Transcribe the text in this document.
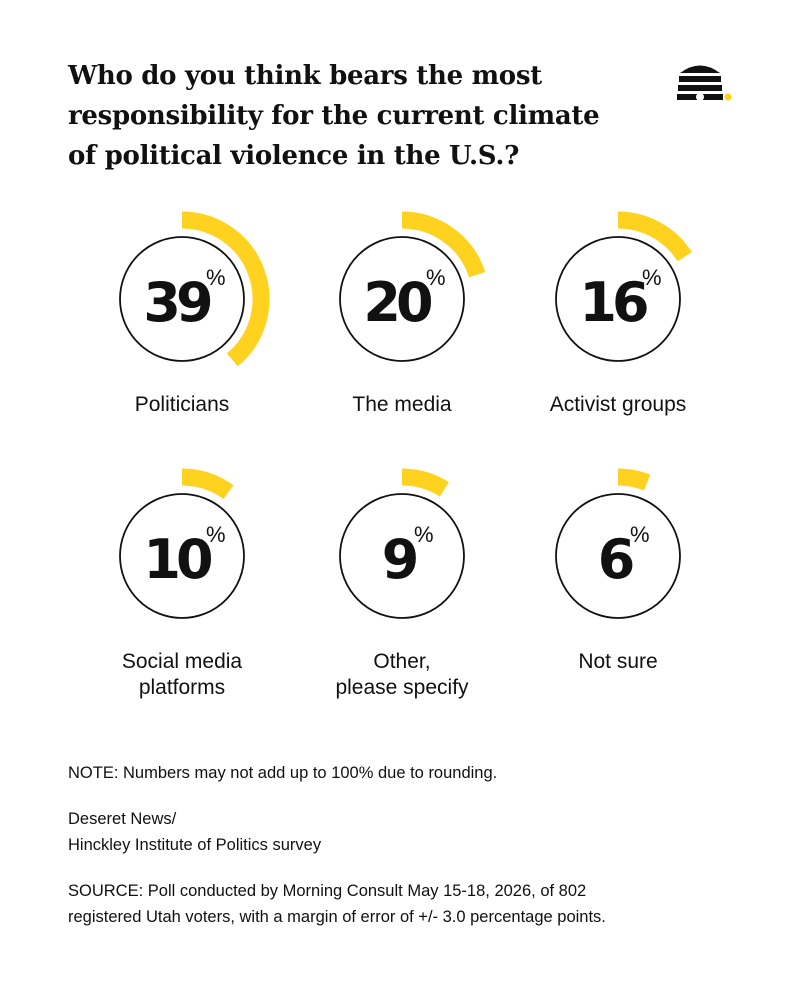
Who do you think bears the most responsibility for the current climate of political violence in the U.S.?
39
%
Politicians
20
%
The media
16
%
Activist groups
10
%
Social media
platforms
9 %
Other,
please specify
6 %
Not sure

NOTE: Numbers may not add up to 100% due to rounding.

Deseret News/

Hinckley Institute of Politics survey

SOURCE: Poll conducted by Morning Consult May 15-18, 2026, of 802
registered Utah voters, with a margin of error of +/- 3.0 percentage points.
